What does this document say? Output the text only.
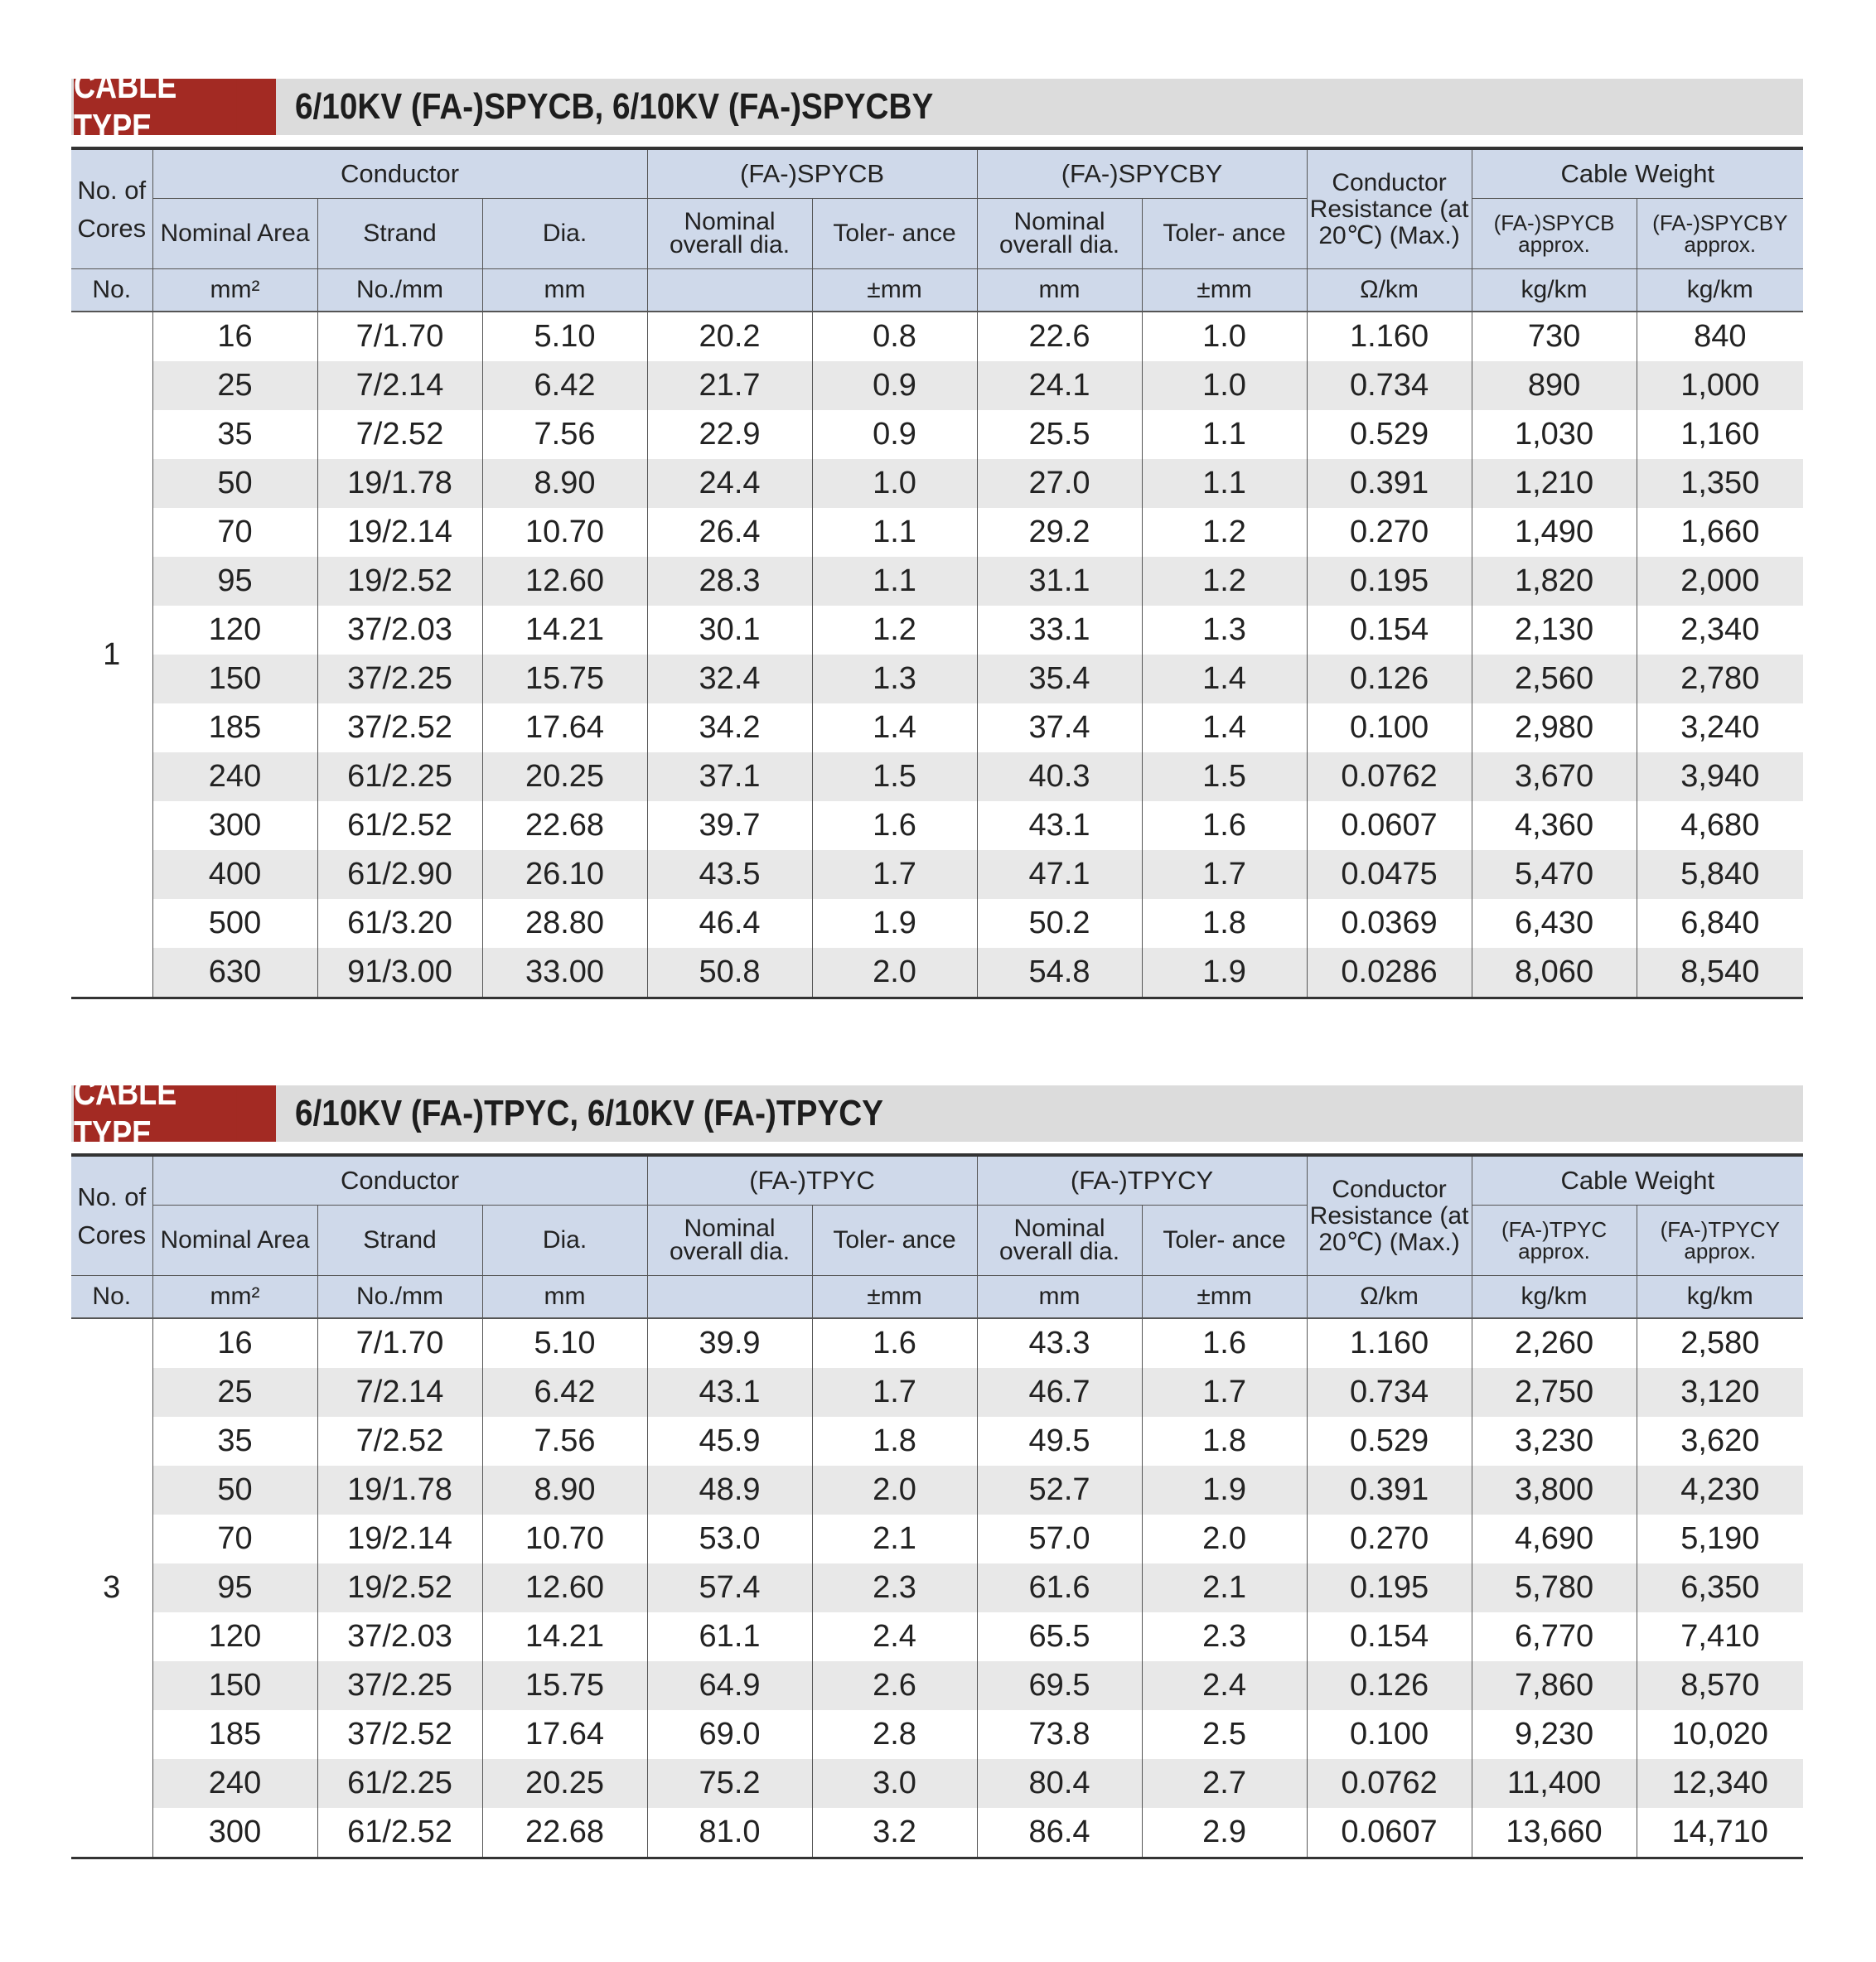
CABLE TYPE
6/10KV (FA-)SPYCB, 6/10KV (FA-)SPYCBY
No. of Cores	Conductor			(FA-)SPYCB		(FA-)SPYCBY		Conductor Resistance (at 20℃) (Max.)	Cable Weight	
	Nominal Area	Strand	Dia.	Nominal overall dia.	Toler- ance	Nominal overall dia.	Toler- ance		(FA-)SPYCB approx.	(FA-)SPYCBY approx.
No.	mm²	No./mm	mm		±mm	mm	±mm	Ω/km	kg/km	kg/km
1	16	7/1.70	5.10	20.2	0.8	22.6	1.0	1.160	730	840
	25	7/2.14	6.42	21.7	0.9	24.1	1.0	0.734	890	1,000
	35	7/2.52	7.56	22.9	0.9	25.5	1.1	0.529	1,030	1,160
	50	19/1.78	8.90	24.4	1.0	27.0	1.1	0.391	1,210	1,350
	70	19/2.14	10.70	26.4	1.1	29.2	1.2	0.270	1,490	1,660
	95	19/2.52	12.60	28.3	1.1	31.1	1.2	0.195	1,820	2,000
	120	37/2.03	14.21	30.1	1.2	33.1	1.3	0.154	2,130	2,340
	150	37/2.25	15.75	32.4	1.3	35.4	1.4	0.126	2,560	2,780
	185	37/2.52	17.64	34.2	1.4	37.4	1.4	0.100	2,980	3,240
	240	61/2.25	20.25	37.1	1.5	40.3	1.5	0.0762	3,670	3,940
	300	61/2.52	22.68	39.7	1.6	43.1	1.6	0.0607	4,360	4,680
	400	61/2.90	26.10	43.5	1.7	47.1	1.7	0.0475	5,470	5,840
	500	61/3.20	28.80	46.4	1.9	50.2	1.8	0.0369	6,430	6,840
	630	91/3.00	33.00	50.8	2.0	54.8	1.9	0.0286	8,060	8,540
CABLE TYPE
6/10KV (FA-)TPYC, 6/10KV (FA-)TPYCY
No. of Cores	Conductor			(FA-)TPYC		(FA-)TPYCY		Conductor Resistance (at 20℃) (Max.)	Cable Weight	
	Nominal Area	Strand	Dia.	Nominal overall dia.	Toler- ance	Nominal overall dia.	Toler- ance		(FA-)TPYC approx.	(FA-)TPYCY approx.
No.	mm²	No./mm	mm		±mm	mm	±mm	Ω/km	kg/km	kg/km
3	16	7/1.70	5.10	39.9	1.6	43.3	1.6	1.160	2,260	2,580
	25	7/2.14	6.42	43.1	1.7	46.7	1.7	0.734	2,750	3,120
	35	7/2.52	7.56	45.9	1.8	49.5	1.8	0.529	3,230	3,620
	50	19/1.78	8.90	48.9	2.0	52.7	1.9	0.391	3,800	4,230
	70	19/2.14	10.70	53.0	2.1	57.0	2.0	0.270	4,690	5,190
	95	19/2.52	12.60	57.4	2.3	61.6	2.1	0.195	5,780	6,350
	120	37/2.03	14.21	61.1	2.4	65.5	2.3	0.154	6,770	7,410
	150	37/2.25	15.75	64.9	2.6	69.5	2.4	0.126	7,860	8,570
	185	37/2.52	17.64	69.0	2.8	73.8	2.5	0.100	9,230	10,020
	240	61/2.25	20.25	75.2	3.0	80.4	2.7	0.0762	11,400	12,340
	300	61/2.52	22.68	81.0	3.2	86.4	2.9	0.0607	13,660	14,710
